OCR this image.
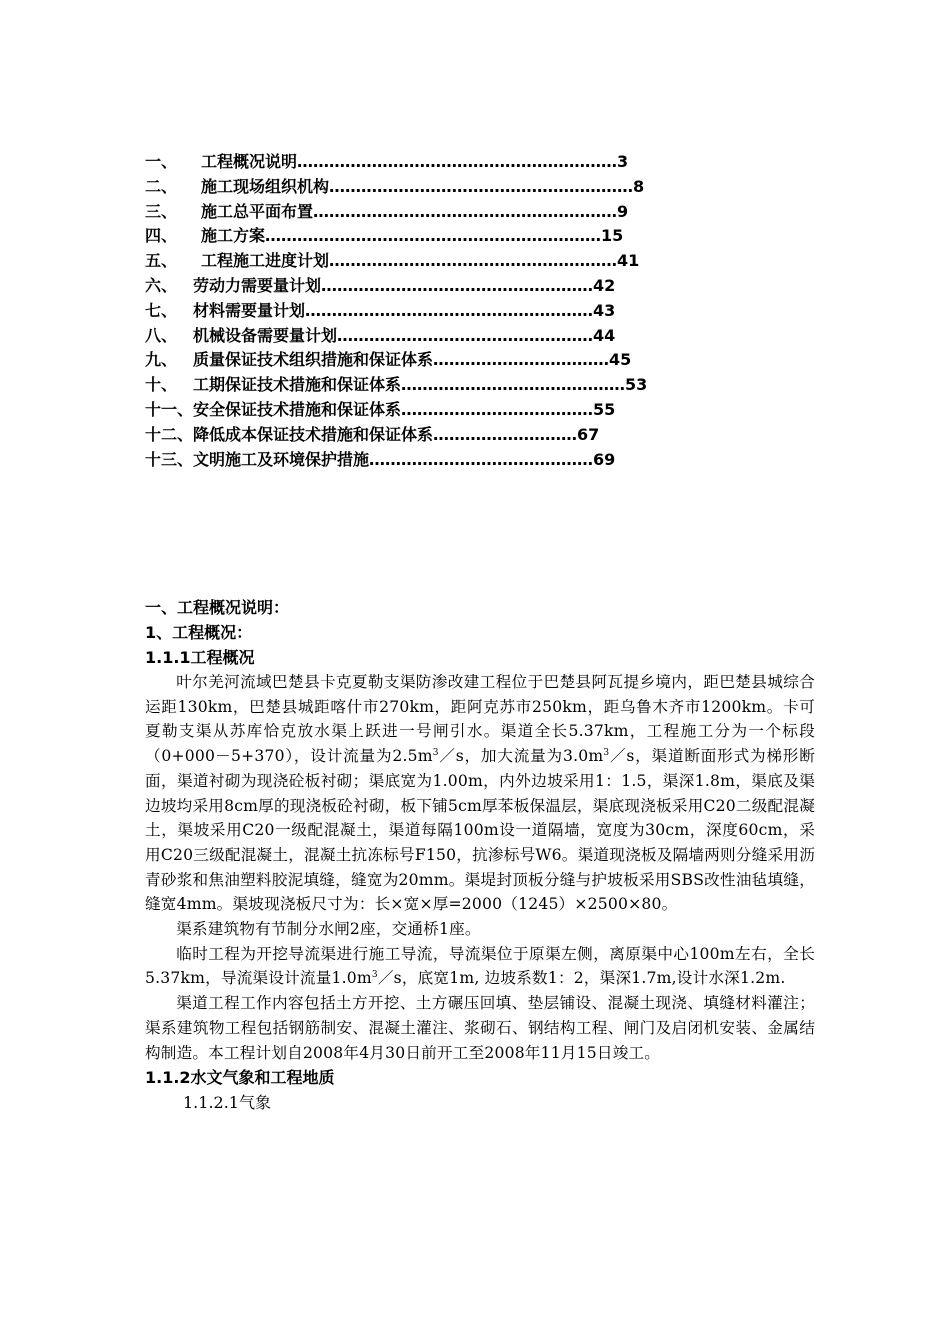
一、 工程概况说明……………………………………………………3
二、 施工现场组织机构…………………………………………………8
三、 施工总平面布置…………………………………………………9
四、 施工方案………………………………………………………15
五、 工程施工进度计划………………………………………………41
六、 劳动力需要量计划……………………………………………42
七、 材料需要量计划………………………………………………43
八、 机械设备需要量计划…………………………………………44
九、 质量保证技术组织措施和保证体系……………………………45
十、 工期保证技术措施和保证体系……………………………………53
十一、安全保证技术措施和保证体系………………………………55
十二、降低成本保证技术措施和保证体系………………………67
十三、文明施工及环境保护措施……………………………………69
一、工程概况说明：
1、工程概况：
1.1.1工程概况

叶尔羌河流域巴楚县卡克夏勒支渠防渗改建工程位于巴楚县阿瓦提乡境内，距巴楚县城综合运距130km，巴楚县城距喀什市270km，距阿克苏市250km，距乌鲁木齐市1200km。卡可夏勒支渠从苏库恰克放水渠上跃进一号闸引水。渠道全长5.37km，工程施工分为一个标段（0+000－5+370），设计流量为$2.5m^3/s$，加大流量为$3.0m^3/s$，渠道断面形式为梯形断面，渠道衬砌为现浇砼板衬砌；渠底宽为1.00m，内外边坡采用1：1.5，渠深1.8m，渠底及渠边坡均采用8cm厚的现浇板砼衬砌，板下铺5cm厚苯板保温层，渠底现浇板采用C20二级配混凝土，渠坡采用C20一级配混凝土，渠道每隔100m设一道隔墙，宽度为30cm，深度60cm，采用C20三级配混凝土，混凝土抗冻标号F150，抗渗标号W6。渠道现浇板及隔墙两则分缝采用沥青砂浆和焦油塑料胶泥填缝，缝宽为20mm。渠堤封顶板分缝与护坡板采用SBS改性油毡填缝，缝宽4mm。渠坡现浇板尺寸为：长×宽×厚=2000（1245）×2500×80。

渠系建筑物有节制分水闸2座，交通桥1座。

临时工程为开挖导流渠进行施工导流，导流渠位于原渠左侧，离原渠中心100m左右，全长5.37km，导流渠设计流量$1.0m^3/s$，底宽1m, 边坡系数1：2，渠深1.7m,设计水深1.2m.

渠道工程工作内容包括土方开挖、土方碾压回填、垫层铺设、混凝土现浇、填缝材料灌注；渠系建筑物工程包括钢筋制安、混凝土灌注、浆砌石、钢结构工程、闸门及启闭机安装、金属结构制造。本工程计划自2008年4月30日前开工至2008年11月15日竣工。

1.1.2水文气象和工程地质
1.1.2.1气象
